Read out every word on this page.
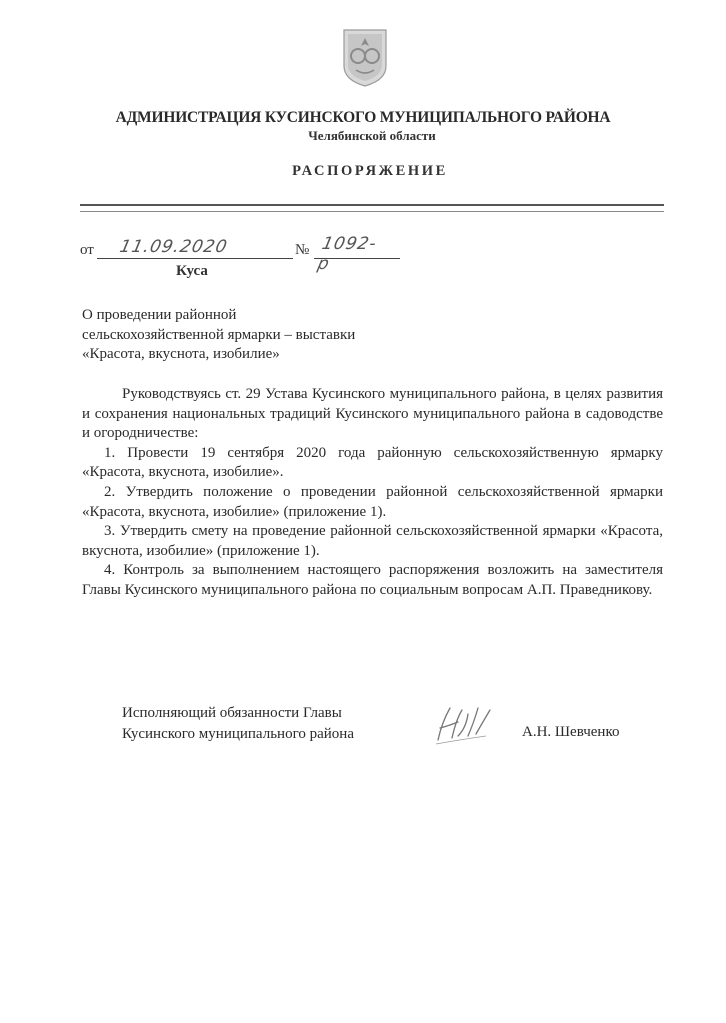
АДМИНИСТРАЦИЯ КУСИНСКОГО МУНИЦИПАЛЬНОГО РАЙОНА
Челябинской области
РАСПОРЯЖЕНИЕ
от 11.09.2020	№ 1092-р
Куса
О проведении районной
сельскохозяйственной ярмарки – выставки
«Красота, вкуснота, изобилие»

Руководствуясь ст. 29 Устава Кусинского муниципального района, в целях развития и сохранения национальных традиций Кусинского муниципального района в садоводстве и огородничестве:

1. Провести 19 сентября 2020 года районную сельскохозяйственную ярмарку «Красота, вкуснота, изобилие».

2. Утвердить положение о проведении районной сельскохозяйственной ярмарки «Красота, вкуснота, изобилие» (приложение 1).

3. Утвердить смету на проведение районной сельскохозяйственной ярмарки «Красота, вкуснота, изобилие» (приложение 1).

4. Контроль за выполнением настоящего распоряжения возложить на заместителя Главы Кусинского муниципального района по социальным вопросам А.П. Праведникову.

Исполняющий обязанности Главы
Кусинского муниципального района	А.Н. Шевченко
